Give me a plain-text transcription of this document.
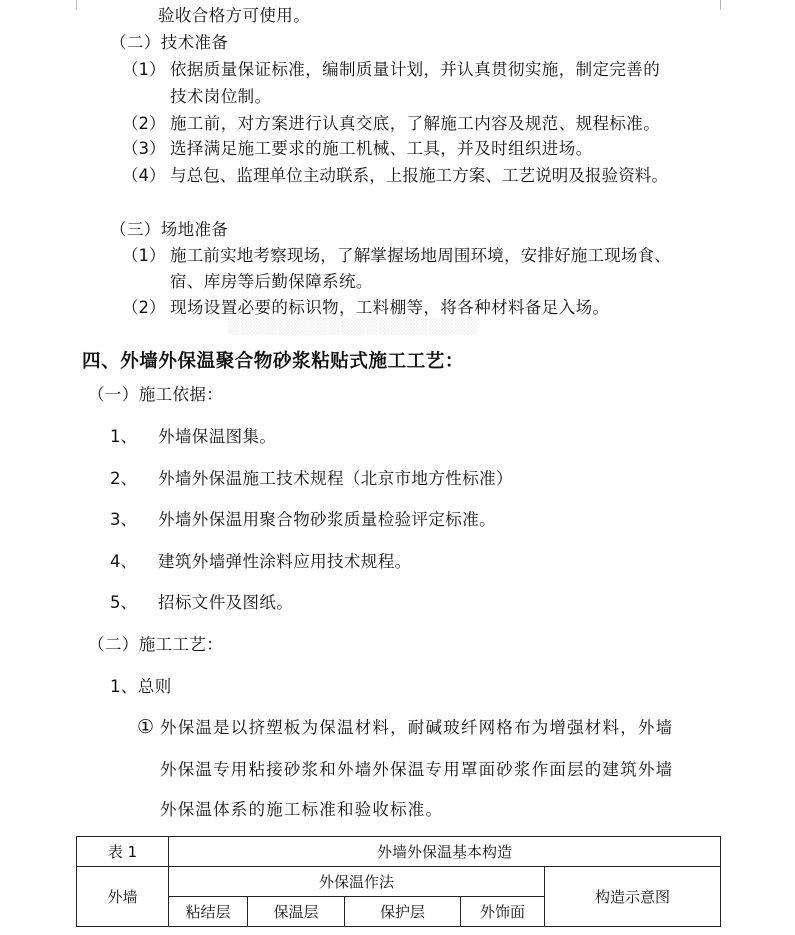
验收合格方可使用。
（二）技术准备
（1） 依据质量保证标准，编制质量计划，并认真贯彻实施，制定完善的
技术岗位制。
（2） 施工前，对方案进行认真交底，了解施工内容及规范、规程标准。
（3） 选择满足施工要求的施工机械、工具，并及时组织进场。
（4） 与总包、监理单位主动联系，上报施工方案、工艺说明及报验资料。
（三）场地准备
（1） 施工前实地考察现场，了解掌握场地周围环境，安排好施工现场食、
宿、库房等后勤保障系统。
（2） 现场设置必要的标识物，工料棚等，将各种材料备足入场。
▒▒▒▒▒▒▒▒▒▒▒▒▒▒▒▒▒▒▒▒
四、外墙外保温聚合物砂浆粘贴式施工工艺：
（一）施工依据：
1、 外墙保温图集。
2、 外墙外保温施工技术规程（北京市地方性标准）
3、 外墙外保温用聚合物砂浆质量检验评定标准。
4、 建筑外墙弹性涂料应用技术规程。
5、 招标文件及图纸。
（二）施工工艺：
1、总则
① 外保温是以挤塑板为保温材料，耐碱玻纤网格布为增强材料，外墙
外保温专用粘接砂浆和外墙外保温专用罩面砂浆作面层的建筑外墙
外保温体系的施工标准和验收标准。
表 1	外墙外保温基本构造				
外墙	外保温作法				构造示意图
	粘结层	保温层	保护层	外饰面	
